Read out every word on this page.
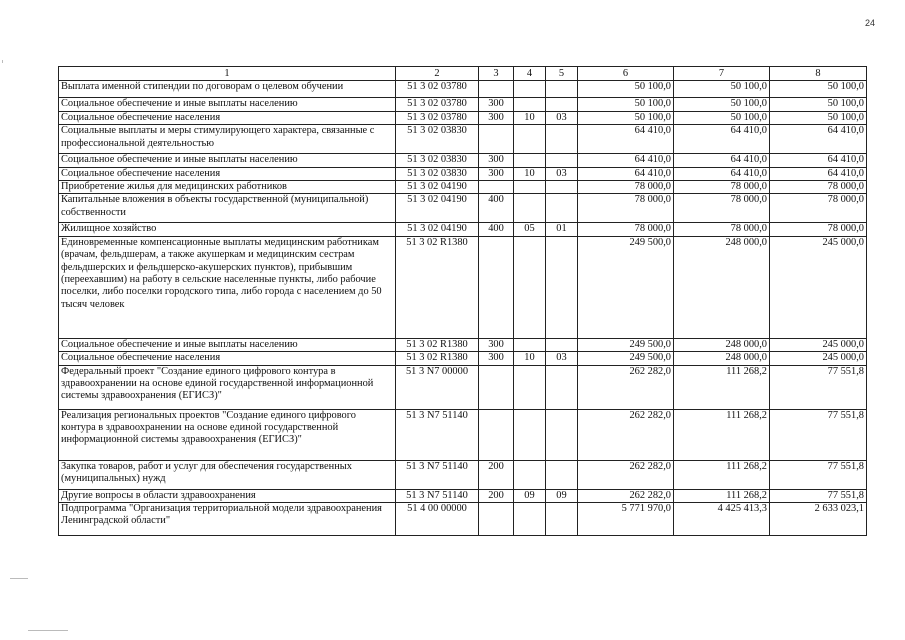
24
1	2	3	4	5	6	7	8
Выплата именной стипендии по договорам о целевом обучении	51 3 02 03780				50 100,0	50 100,0	50 100,0
Социальное обеспечение и иные выплаты населению	51 3 02 03780	300			50 100,0	50 100,0	50 100,0
Социальное обеспечение населения	51 3 02 03780	300	10	03	50 100,0	50 100,0	50 100,0
Социальные выплаты и меры стимулирующего характера, связанные с профессиональной деятельностью	51 3 02 03830				64 410,0	64 410,0	64 410,0
Социальное обеспечение и иные выплаты населению	51 3 02 03830	300			64 410,0	64 410,0	64 410,0
Социальное обеспечение населения	51 3 02 03830	300	10	03	64 410,0	64 410,0	64 410,0
Приобретение жилья для медицинских работников	51 3 02 04190				78 000,0	78 000,0	78 000,0
Капитальные вложения в объекты государственной (муниципальной) собственности	51 3 02 04190	400			78 000,0	78 000,0	78 000,0
Жилищное хозяйство	51 3 02 04190	400	05	01	78 000,0	78 000,0	78 000,0
Единовременные компенсационные выплаты медицинским работникам (врачам, фельдшерам, а также акушеркам и медицинским сестрам фельдшерских и фельдшерско-акушерских пунктов), прибывшим (переехавшим) на работу в сельские населенные пункты, либо рабочие поселки, либо поселки городского типа, либо города с населением до 50 тысяч человек	51 3 02 R1380				249 500,0	248 000,0	245 000,0
Социальное обеспечение и иные выплаты населению	51 3 02 R1380	300			249 500,0	248 000,0	245 000,0
Социальное обеспечение населения	51 3 02 R1380	300	10	03	249 500,0	248 000,0	245 000,0
Федеральный проект "Создание единого цифрового контура в здравоохранении на основе единой государственной информационной системы здравоохранения (ЕГИСЗ)"	51 3 N7 00000				262 282,0	111 268,2	77 551,8
Реализация региональных проектов "Создание единого цифрового контура в здравоохранении на основе единой государственной информационной системы здравоохранения (ЕГИСЗ)"	51 3 N7 51140				262 282,0	111 268,2	77 551,8
Закупка товаров, работ и услуг для обеспечения государственных (муниципальных) нужд	51 3 N7 51140	200			262 282,0	111 268,2	77 551,8
Другие вопросы в области здравоохранения	51 3 N7 51140	200	09	09	262 282,0	111 268,2	77 551,8
Подпрограмма "Организация территориальной модели здравоохранения Ленинградской области"	51 4 00 00000				5 771 970,0	4 425 413,3	2 633 023,1
